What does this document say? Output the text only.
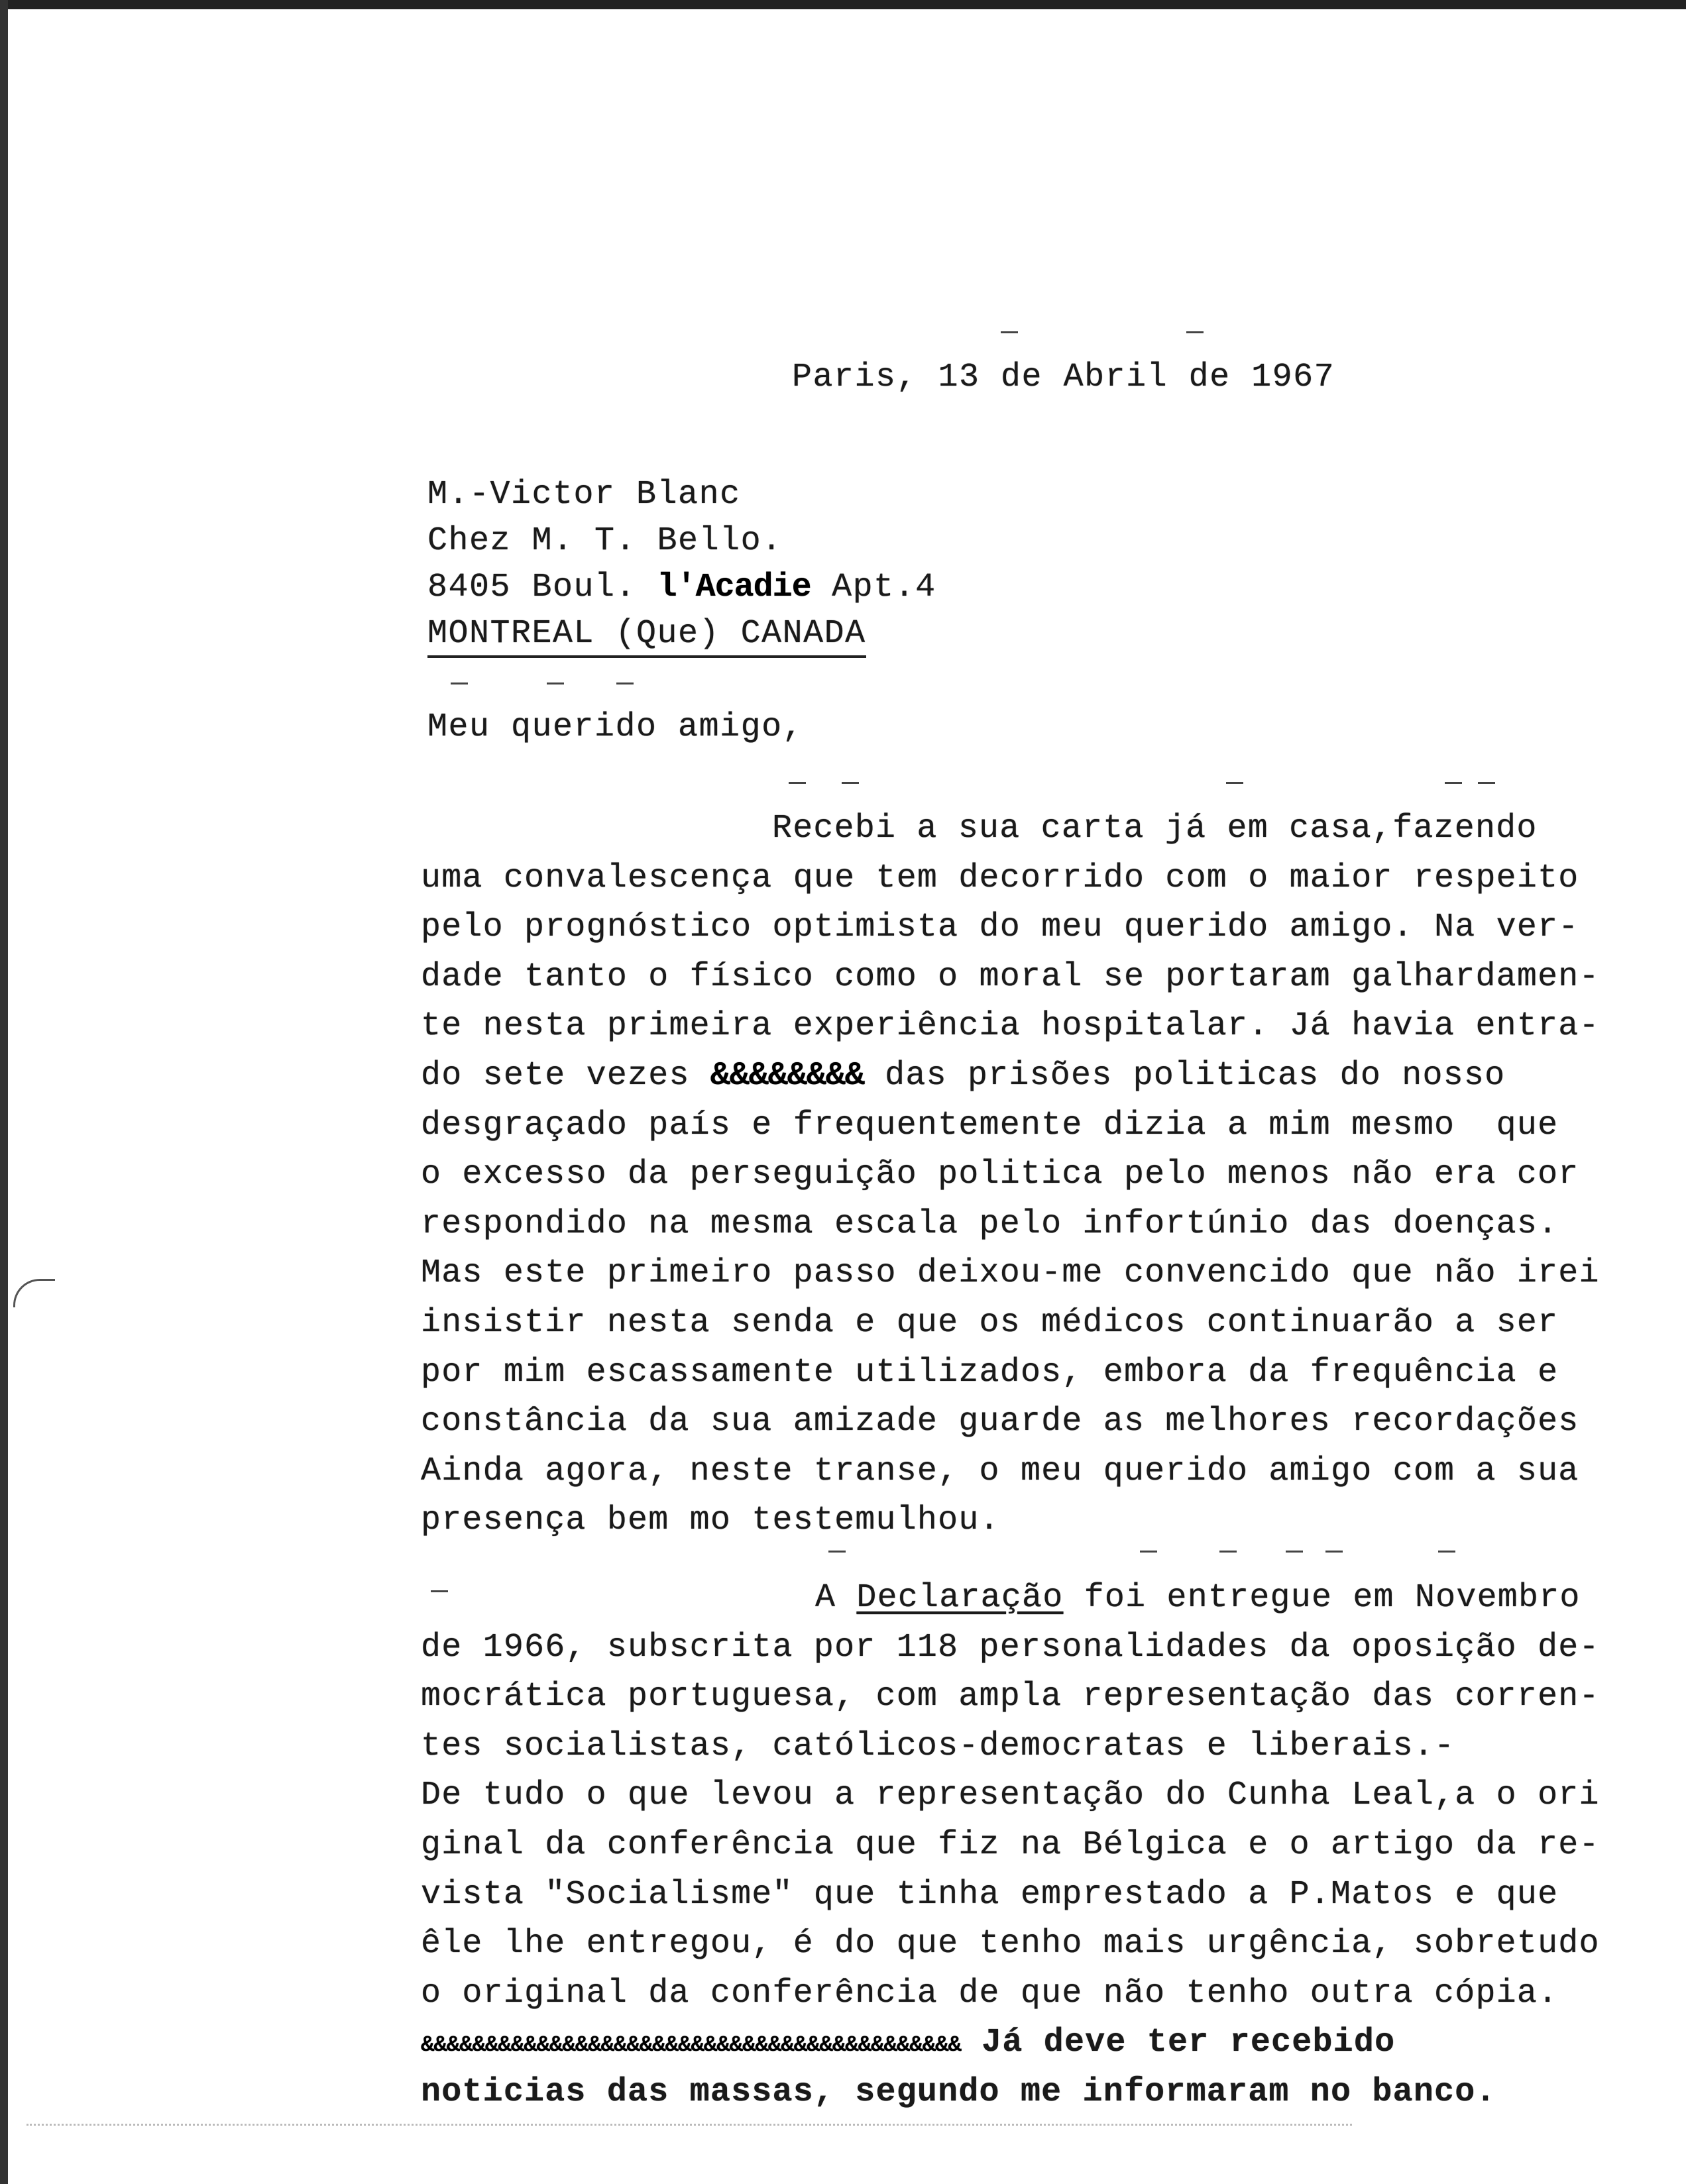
Paris, 13 de Abril de 1967
M.-Victor Blanc
Chez M. T. Bello.
8405 Boul. l'Acadie Apt.4
MONTREAL (Que) CANADA
Meu querido amigo,
Recebi a sua carta já em casa,fazendo
uma convalescença que tem decorrido com o maior respeito
pelo prognóstico optimista do meu querido amigo. Na ver-
dade tanto o físico como o moral se portaram galhardamen-
te nesta primeira experiência hospitalar. Já havia entra-
do sete vezes &&&&&&&& das prisões politicas do nosso
desgraçado país e frequentemente dizia a mim mesmo  que
o excesso da perseguição politica pelo menos não era cor
respondido na mesma escala pelo infortúnio das doenças.
Mas este primeiro passo deixou-me convencido que não irei
insistir nesta senda e que os médicos continuarão a ser
por mim escassamente utilizados, embora da frequência e
constância da sua amizade guarde as melhores recordações
Ainda agora, neste transe, o meu querido amigo com a sua
presença bem mo testemulhou.
A Declaração foi entregue em Novembro
de 1966, subscrita por 118 personalidades da oposição de-
mocrática portuguesa, com ampla representação das corren-
tes socialistas, católicos-democratas e liberais.-
De tudo o que levou a representação do Cunha Leal,a o ori
ginal da conferência que fiz na Bélgica e o artigo da re-
vista "Socialisme" que tinha emprestado a P.Matos e que
êle lhe entregou, é do que tenho mais urgência, sobretudo
o original da conferência de que não tenho outra cópia.
&&&&&&&&&&&&&&&&&&&&&&&&&&&&&&&&&&&&&&&&&& Já deve ter recebido
noticias das massas, segundo me informaram no banco.
